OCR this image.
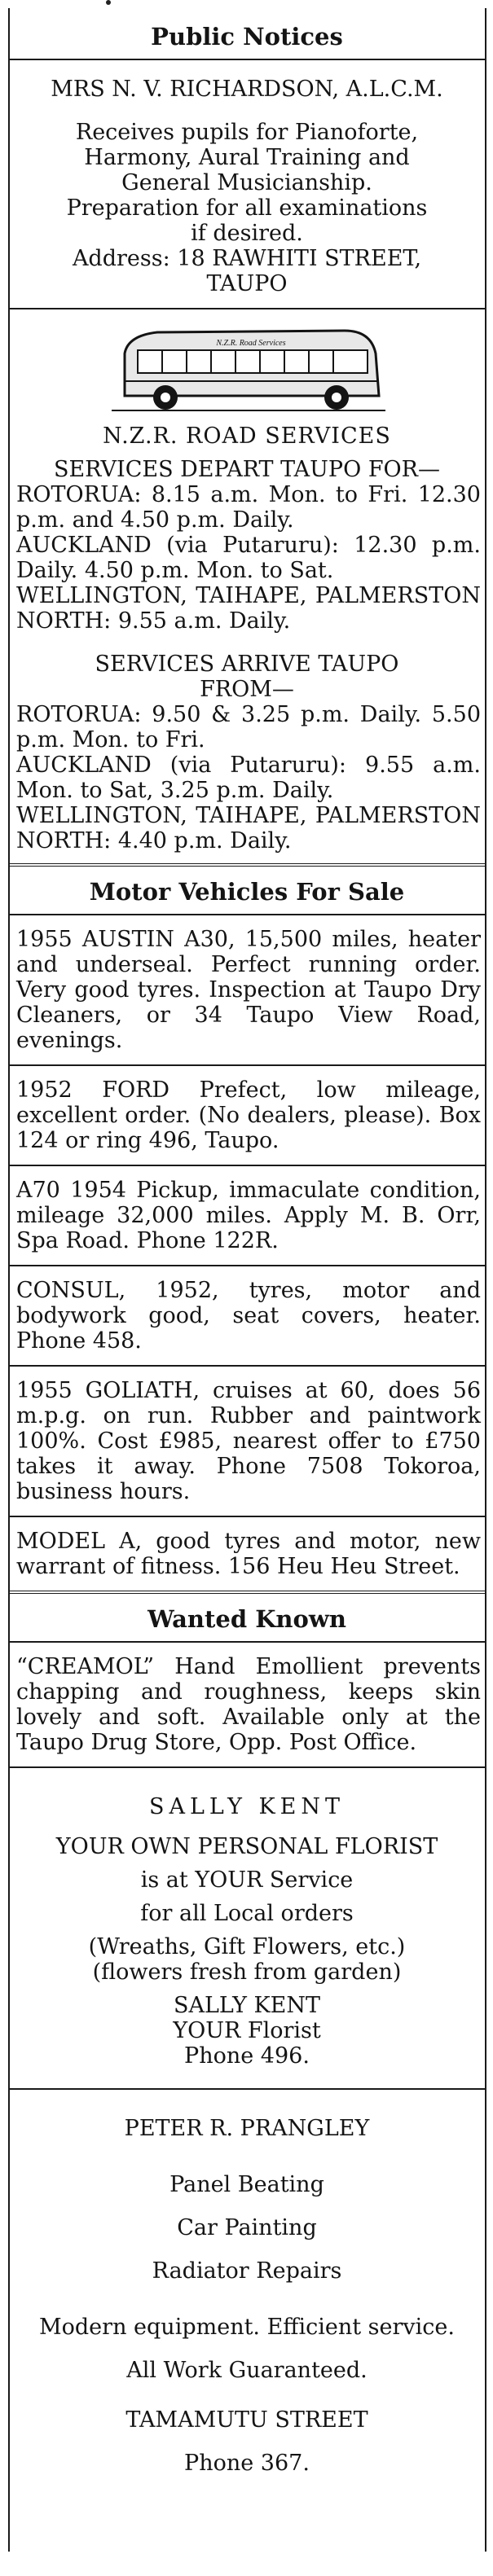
Public Notices

MRS N. V. RICHARDSON, A.L.C.M.

Receives pupils for Pianoforte,

Harmony, Aural Training and

General Musicianship.

Preparation for all examinations

if desired.

Address: 18 RAWHITI STREET,

TAUPO

N.Z.R. Road Services

N.Z.R. ROAD SERVICES

SERVICES DEPART TAUPO FOR—

ROTORUA: 8.15 a.m. Mon. to Fri. 12.30 p.m. and 4.50 p.m. Daily.

AUCKLAND (via Putaruru): 12.30 p.m. Daily. 4.50 p.m. Mon. to Sat.

WELLINGTON, TAIHAPE, PALMERSTON NORTH: 9.55 a.m. Daily.

SERVICES ARRIVE TAUPO

FROM—

ROTORUA: 9.50 & 3.25 p.m. Daily. 5.50 p.m. Mon. to Fri.

AUCKLAND (via Putaruru): 9.55 a.m. Mon. to Sat, 3.25 p.m. Daily.

WELLINGTON, TAIHAPE, PALMERSTON NORTH: 4.40 p.m. Daily.

Motor Vehicles For Sale

1955 AUSTIN A30, 15,500 miles, heater and underseal. Perfect running order. Very good tyres. Inspection at Taupo Dry Cleaners, or 34 Taupo View Road, evenings.

1952 FORD Prefect, low mileage, excellent order. (No dealers, please). Box 124 or ring 496, Taupo.

A70 1954 Pickup, immaculate condition, mileage 32,000 miles. Apply M. B. Orr, Spa Road. Phone 122R.

CONSUL, 1952, tyres, motor and bodywork good, seat covers, heater. Phone 458.

1955 GOLIATH, cruises at 60, does 56 m.p.g. on run. Rubber and paintwork 100%. Cost £985, nearest offer to £750 takes it away. Phone 7508 Tokoroa, business hours.

MODEL A, good tyres and motor, new warrant of fitness. 156 Heu Heu Street.

Wanted Known

“CREAMOL” Hand Emollient prevents chapping and roughness, keeps skin lovely and soft. Available only at the Taupo Drug Store, Opp. Post Office.

SALLY KENT

YOUR OWN PERSONAL FLORIST

is at YOUR Service

for all Local orders

(Wreaths, Gift Flowers, etc.)

(flowers fresh from garden)

SALLY KENT

YOUR Florist

Phone 496.

PETER R. PRANGLEY

Panel Beating

Car Painting

Radiator Repairs

Modern equipment. Efficient service.

All Work Guaranteed.

TAMAMUTU STREET

Phone 367.
